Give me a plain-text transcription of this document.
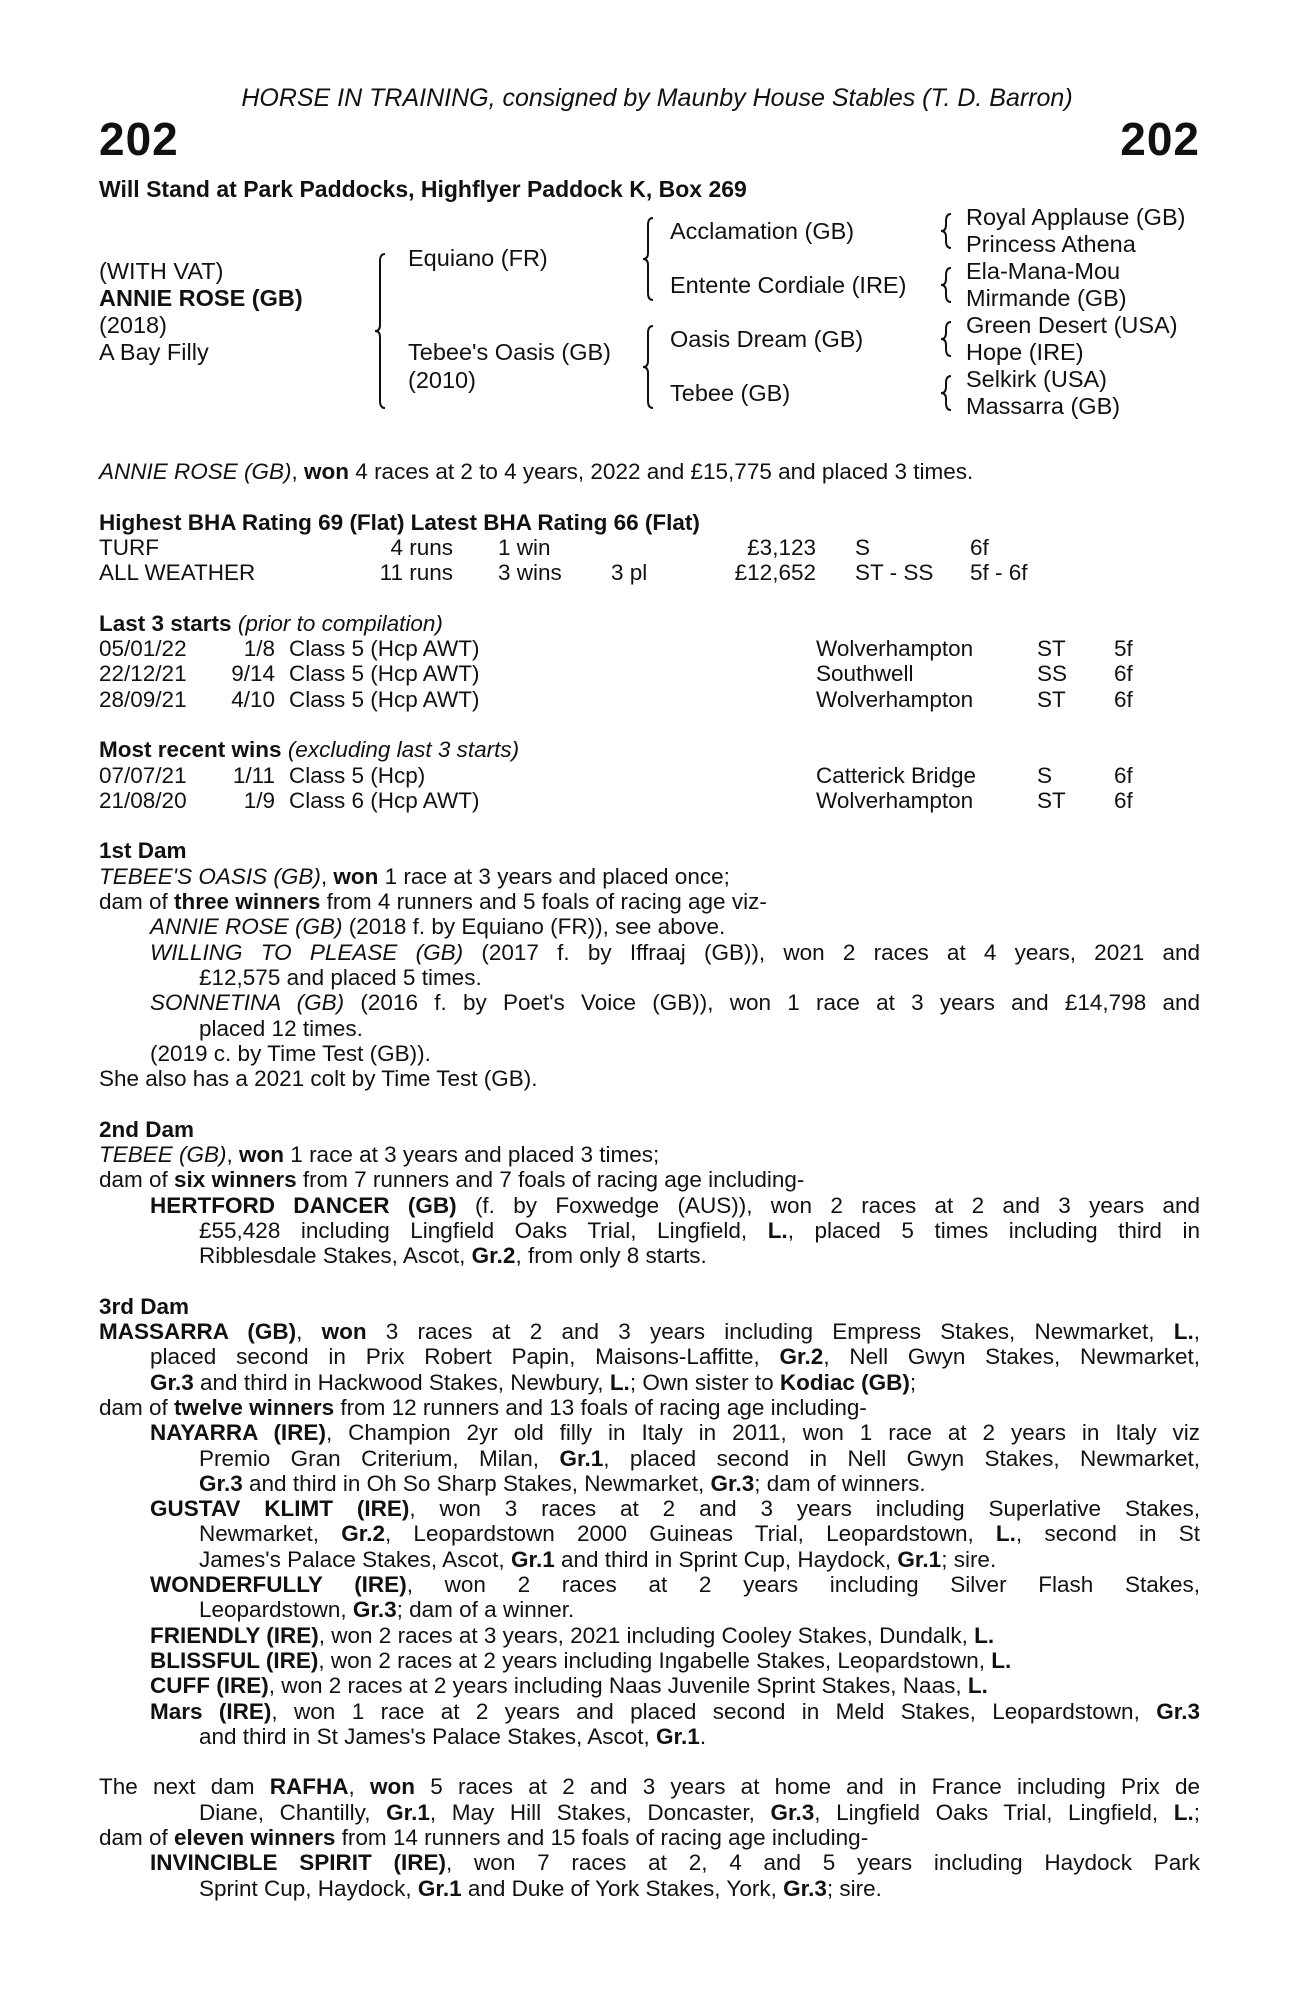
HORSE IN TRAINING, consigned by Maunby House Stables (T. D. Barron)
202	202
Will Stand at Park Paddocks, Highflyer Paddock K, Box 269
(WITH VAT)
ANNIE ROSE (GB)
(2018)
A Bay Filly
Equiano (FR)
Tebee's Oasis (GB)
(2010)
Acclamation (GB)
Entente Cordiale (IRE)
Oasis Dream (GB)
Tebee (GB)
Royal Applause (GB)
Princess Athena
Ela-Mana-Mou
Mirmande (GB)
Green Desert (USA)
Hope (IRE)
Selkirk (USA)
Massarra (GB)
ANNIE ROSE (GB), won 4 races at 2 to 4 years, 2022 and £15,775 and placed 3 times.
Highest BHA Rating 69 (Flat) Latest BHA Rating 66 (Flat)
TURF	4 runs 1 win	£3,123 S	6f
ALL WEATHER	11 runs 3 wins 3 pl	£12,652 ST - SS 5f - 6f
Last 3 starts (prior to compilation)
05/01/22	1/8 Class 5 (Hcp AWT)	Wolverhampton	ST 5f
22/12/21 9/14 Class 5 (Hcp AWT)	Southwell	SS 6f
28/09/21 4/10 Class 5 (Hcp AWT)	Wolverhampton	ST 6f
Most recent wins (excluding last 3 starts)
07/07/21 1/11 Class 5 (Hcp)	Catterick Bridge	S	6f
21/08/20	1/9 Class 6 (Hcp AWT)	Wolverhampton	ST 6f
1st Dam
TEBEE'S OASIS (GB), won 1 race at 3 years and placed once;
dam of three winners from 4 runners and 5 foals of racing age viz-
ANNIE ROSE (GB) (2018 f. by Equiano (FR)), see above.
WILLING TO PLEASE (GB) (2017 f. by Iffraaj (GB)), won 2 races at 4 years, 2021 and
£12,575 and placed 5 times.
SONNETINA (GB) (2016 f. by Poet's Voice (GB)), won 1 race at 3 years and £14,798 and
placed 12 times.
(2019 c. by Time Test (GB)).
She also has a 2021 colt by Time Test (GB).
2nd Dam
TEBEE (GB), won 1 race at 3 years and placed 3 times;
dam of six winners from 7 runners and 7 foals of racing age including-
HERTFORD DANCER (GB) (f. by Foxwedge (AUS)), won 2 races at 2 and 3 years and
£55,428 including Lingfield Oaks Trial, Lingfield, L., placed 5 times including third in
Ribblesdale Stakes, Ascot, Gr.2, from only 8 starts.
3rd Dam
MASSARRA (GB), won 3 races at 2 and 3 years including Empress Stakes, Newmarket, L.,
placed second in Prix Robert Papin, Maisons-Laffitte, Gr.2, Nell Gwyn Stakes, Newmarket,
Gr.3 and third in Hackwood Stakes, Newbury, L.; Own sister to Kodiac (GB);
dam of twelve winners from 12 runners and 13 foals of racing age including-
NAYARRA (IRE), Champion 2yr old filly in Italy in 2011, won 1 race at 2 years in Italy viz
Premio Gran Criterium, Milan, Gr.1, placed second in Nell Gwyn Stakes, Newmarket,
Gr.3 and third in Oh So Sharp Stakes, Newmarket, Gr.3; dam of winners.
GUSTAV KLIMT (IRE), won 3 races at 2 and 3 years including Superlative Stakes,
Newmarket, Gr.2, Leopardstown 2000 Guineas Trial, Leopardstown, L., second in St
James's Palace Stakes, Ascot, Gr.1 and third in Sprint Cup, Haydock, Gr.1; sire.
WONDERFULLY (IRE), won 2 races at 2 years including Silver Flash Stakes,
Leopardstown, Gr.3; dam of a winner.
FRIENDLY (IRE), won 2 races at 3 years, 2021 including Cooley Stakes, Dundalk, L.
BLISSFUL (IRE), won 2 races at 2 years including Ingabelle Stakes, Leopardstown, L.
CUFF (IRE), won 2 races at 2 years including Naas Juvenile Sprint Stakes, Naas, L.
Mars (IRE), won 1 race at 2 years and placed second in Meld Stakes, Leopardstown, Gr.3
and third in St James's Palace Stakes, Ascot, Gr.1.
The next dam RAFHA, won 5 races at 2 and 3 years at home and in France including Prix de
Diane, Chantilly, Gr.1, May Hill Stakes, Doncaster, Gr.3, Lingfield Oaks Trial, Lingfield, L.;
dam of eleven winners from 14 runners and 15 foals of racing age including-
INVINCIBLE SPIRIT (IRE), won 7 races at 2, 4 and 5 years including Haydock Park
Sprint Cup, Haydock, Gr.1 and Duke of York Stakes, York, Gr.3; sire.
